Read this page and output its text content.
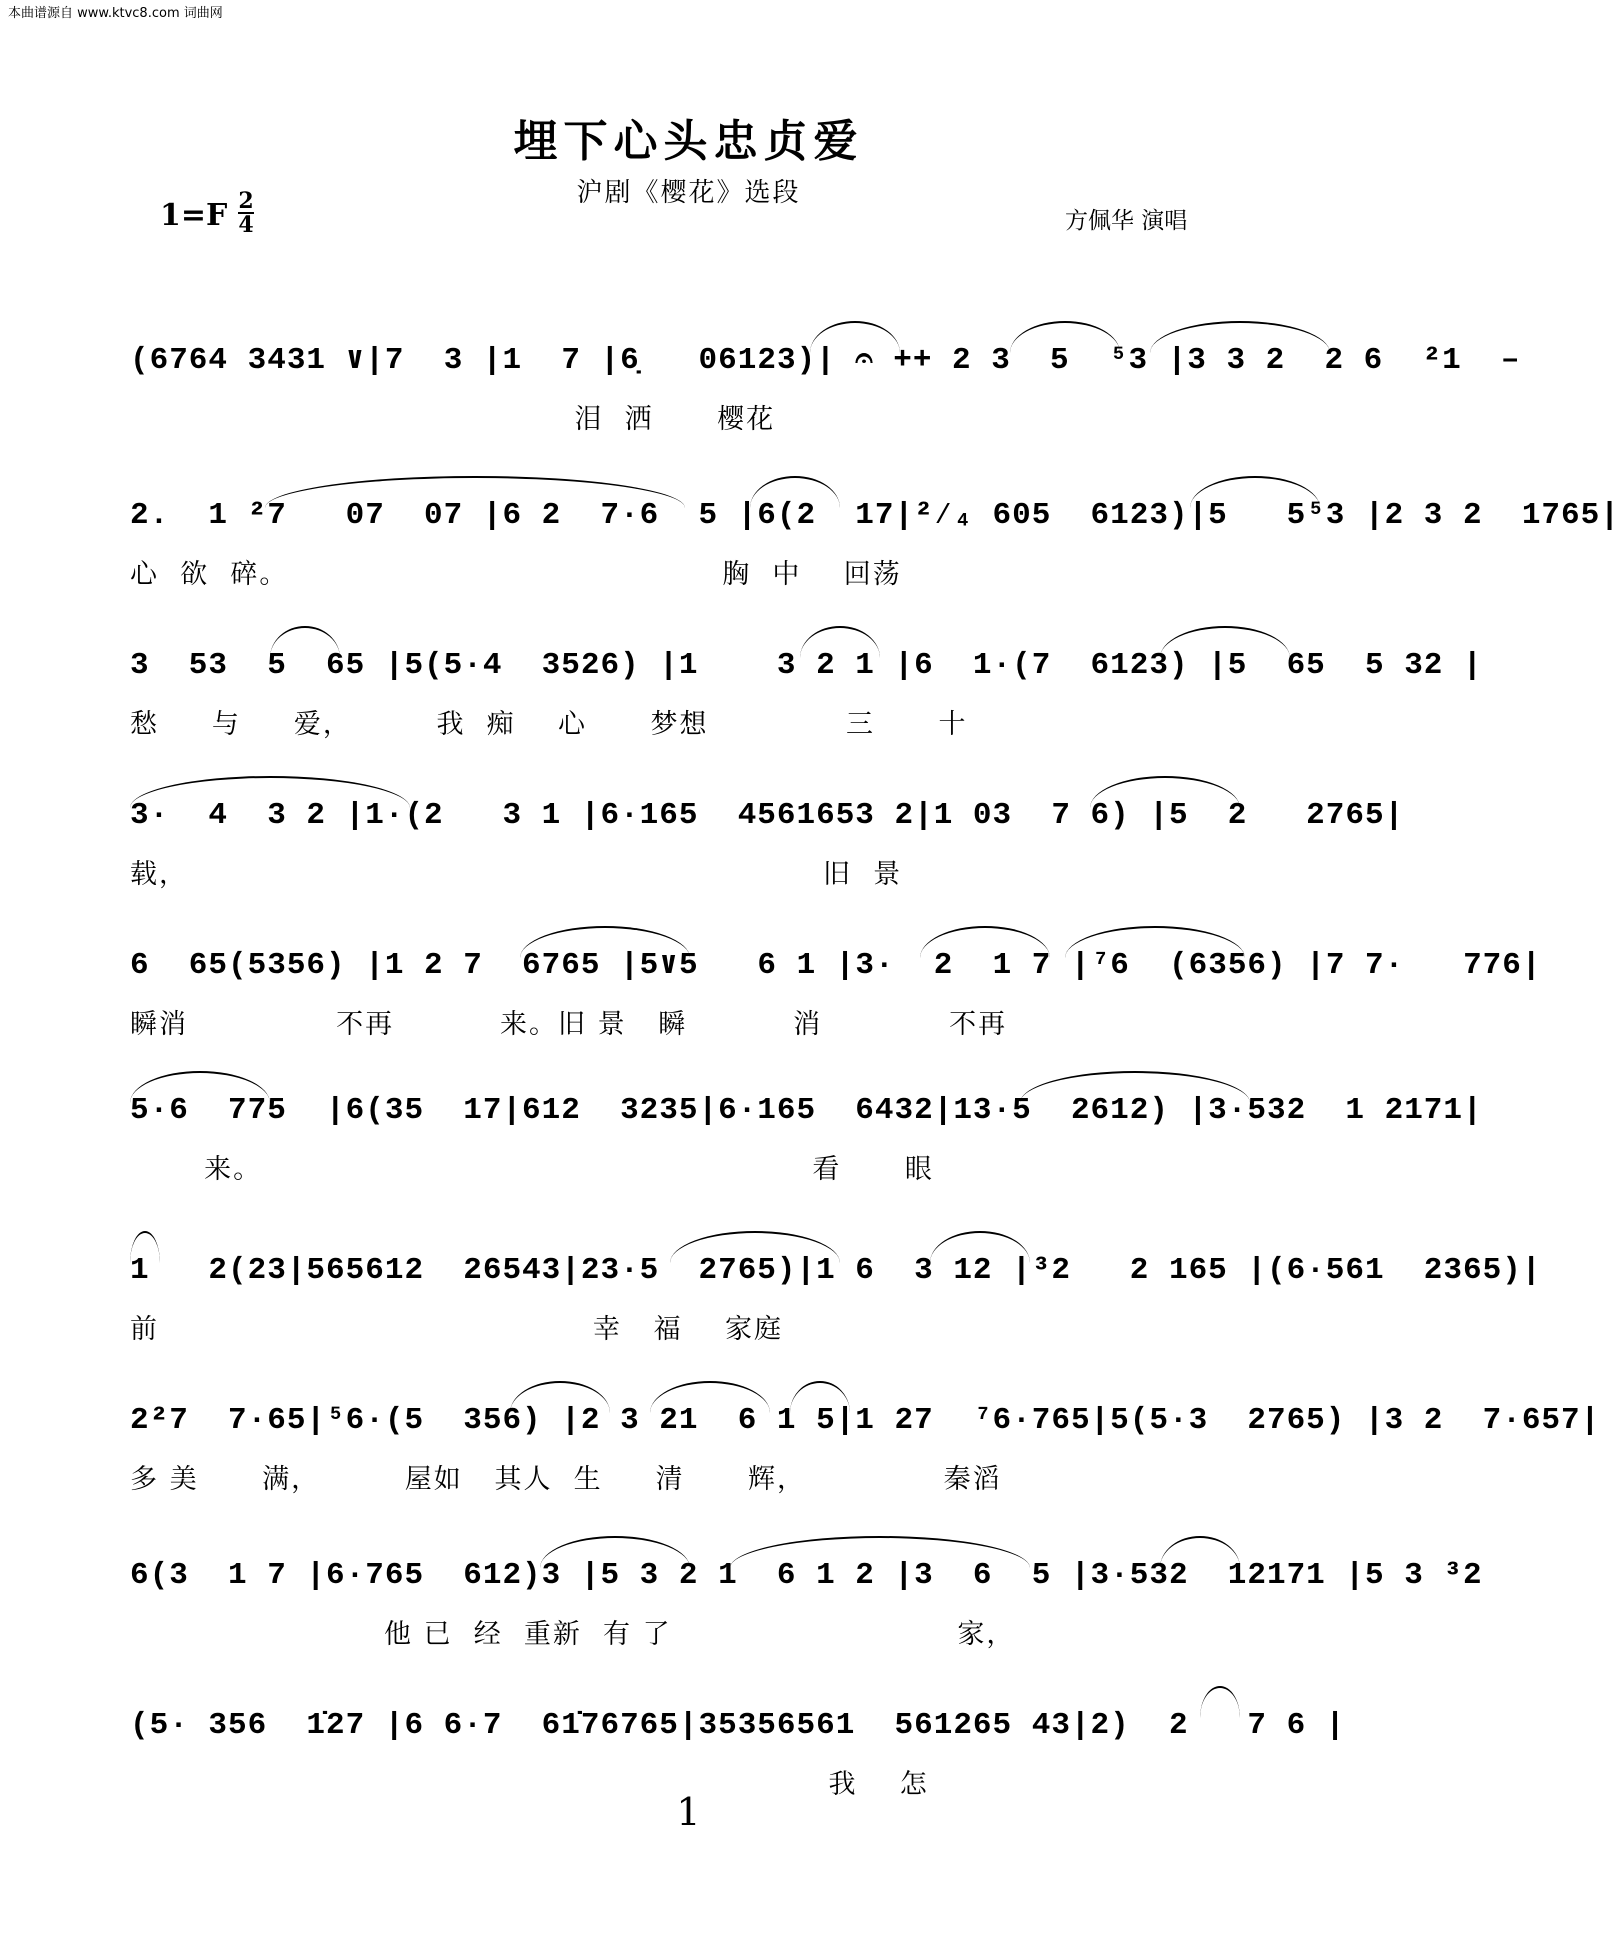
本曲谱源自 www.ktvc8.com 词曲网
埋下心头忠贞爱
沪剧《樱花》选段
1=F 2
4	方佩华 演唱
(6764 3431 ∨|7  3 |1  7 |6̣   06123)| 𝄐 ++ 2 3  5  ⁵3 |3 3 2  2 6  ²1  –
泪  洒      樱花
2.  1 ²7   07  07 |6 2  7·6  5 |6(2  17|²⁄₄ 605  6123)|5   5⁵3 |2 3 2  1765|
心  欲  碎。                                         胸  中    回荡
3  53  5  65 |5(5·4  3526) |1    3 2 1 |6  1·(7  6123) |5  65  5 32 |
愁     与     爱，        我  痴    心      梦想             三      十
3·  4  3 2 |1·(2   3 1 |6·165  4561653 2|1 03  7 6) |5  2   2765|
载，                                                            旧  景
6  65(5356) |1 2 7  6765 |5∨5   6 1 |3·  2  1 7 |⁷6  (6356) |7 7·   776|
瞬消              不再          来。旧 景   瞬          消            不再
5·6  775  |6(35  17|612  3235|6·165  6432|13·5  2612) |3·532  1 2171|
来。                                                    看      眼
1   2(23|565612  26543|23·5  2765)|1 6  3 12 |³2   2 165 |(6·561  2365)|
前                                         幸   福    家庭
2²7  7·65|⁵6·(5  356) |2 3 21  6 1 5|1 27  ⁷6·765|5(5·3  2765) |3 2  7·657|
多 美      满，        屋如   其人  生     清      辉，             秦滔
6(3  1 7 |6·765  612)3 |5 3 2 1  6 1 2 |3  6  5 |3·532  12171 |5 3 ³2
他 已  经  重新  有 了                           家，
(5· 356  1̇27 |6 6·7  61̇76765|35356561  561265 43|2)  2   7 6 |
我    怎
1
